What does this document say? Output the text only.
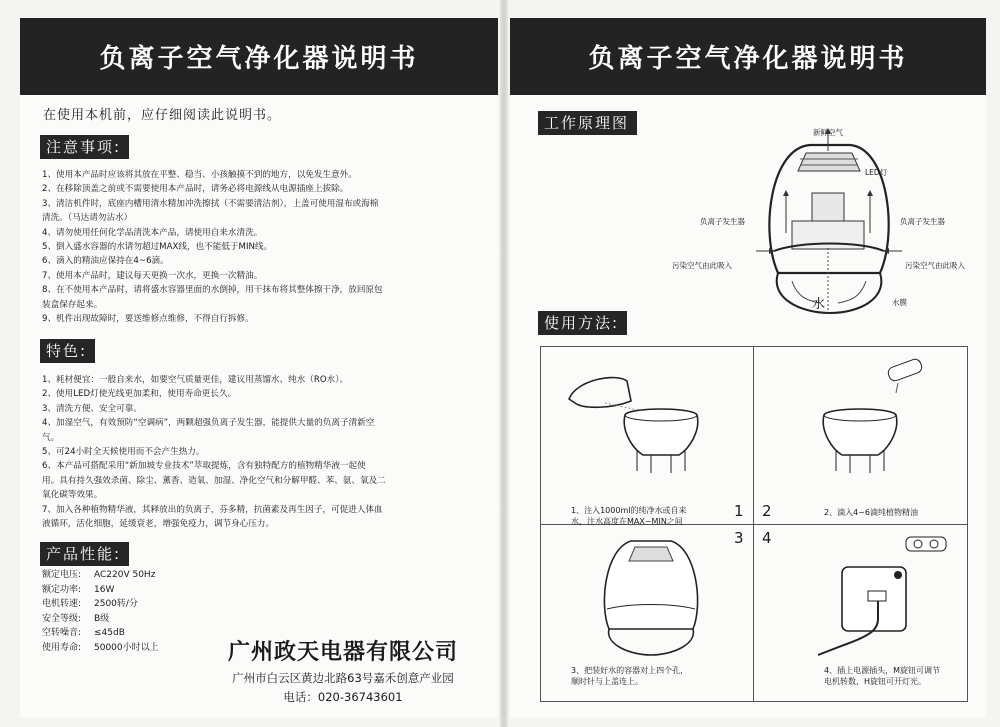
负离子空气净化器说明书
在使用本机前，应仔细阅读此说明书。
注意事项:
1、使用本产品时应该将其放在平整、稳当、小孩触摸不到的地方，以免发生意外。
2、在移除顶盖之前或不需要使用本产品时，请务必将电源线从电源插座上拔除。
3、清洁机件时，底座内槽用清水精加冲洗擦拭（不需要清洁剂），上盖可使用湿布或海棉
清洗。（马达请勿沾水）
4、请勿使用任何化学品清洗本产品，请使用自来水清洗。
5、倒入盛水容器的水请勿超过MAX线，也不能低于MIN线。
6、滴入的精油应保持在4~6滴。
7、使用本产品时，建议每天更换一次水，更换一次精油。
8、在不使用本产品时，请将盛水容器里面的水倒掉，用干抹布将其整体擦干净，放回原包
装盒保存起来。
9、机件出现故障时，要送维修点维修，不得自行拆修。
特色:
1、耗材便宜：一般自来水，如要空气质量更佳，建议用蒸馏水、纯水（RO水）。
2、使用LED灯使光线更加柔和，使用寿命更长久。
3、清洗方便、安全可靠。
4、加湿空气，有效预防“空调病”，两颗超强负离子发生器，能提供大量的负离子清新空
气。
5、可24小时全天候使用而不会产生热力。
6、本产品可搭配采用“新加坡专业技术”萃取提炼，含有独特配方的植物精华液一起使
用。具有持久强效杀菌、除尘、薰香、造氧、加湿、净化空气和分解甲醛、苯、氨、氧及二
氧化碳等效果。
7、加入各种植物精华液，其释放出的负离子，芬多精，抗菌素及再生因子，可促进人体血
液循环，活化细胞，延缓衰老，增强免疫力，调节身心压力。
产品性能:
额定电压:	AC220V 50Hz
额定功率:	16W
电机转速:	2500转/分
安全等级:	B级
空转噪音:	≤45dB
使用寿命:	50000小时以上	广州政天电器有限公司
广州市白云区黄边北路63号嘉禾创意产业园
电话：020-36743601
负离子空气净化器说明书
工作原理图
新鲜空气
LED灯
负离子发生器	负离子发生器
污染空气由此吸入	污染空气由此吸入
水	水膜
使用方法:
1、注入1000ml的纯净水或自来
水，注水高度在MAX~MIN之间
1 2	2、滴入4~6滴纯植物精油
3
3、把装好水的容器对上四个孔，
顺时针与上盖连上。
4
4、插上电源插头，M旋钮可调节
电机转数，H旋钮可开灯光。
